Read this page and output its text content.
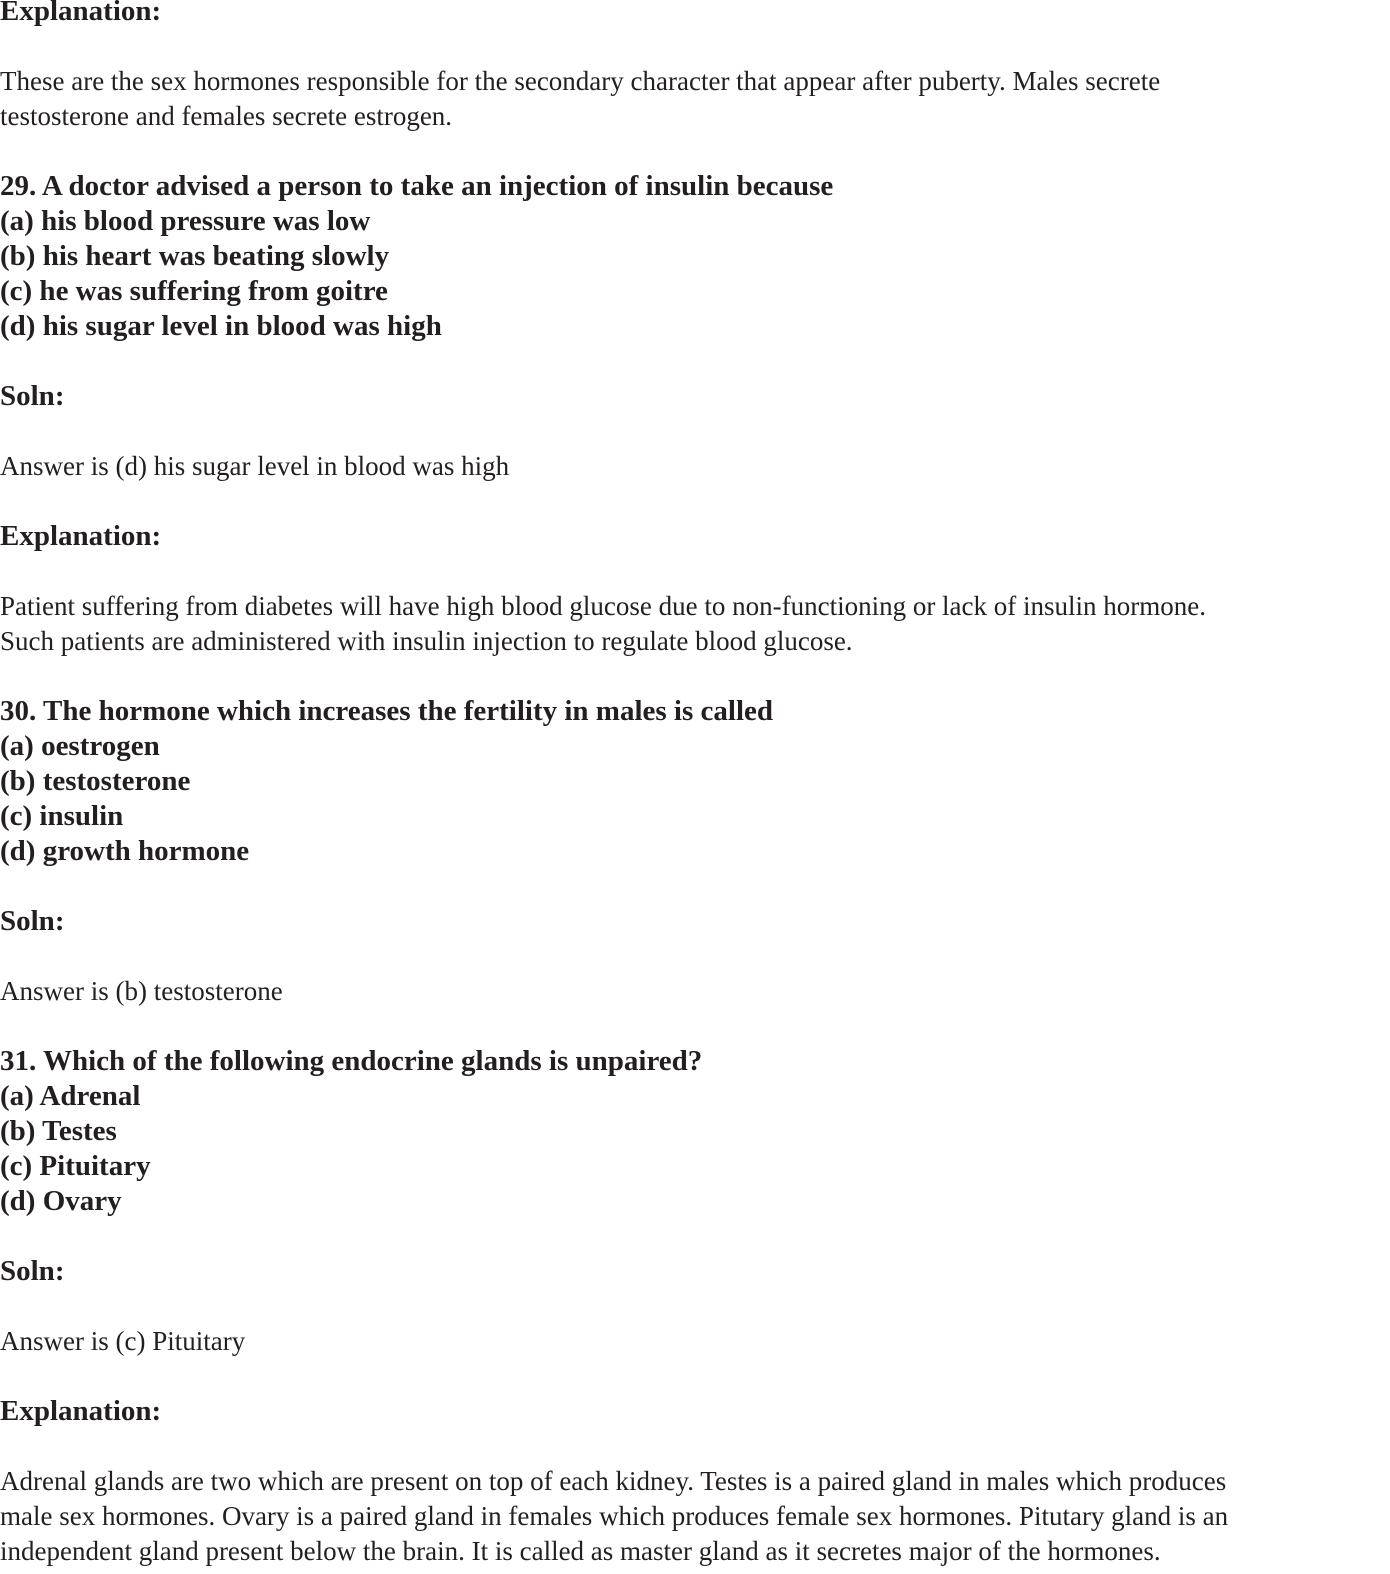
Explanation:
These are the sex hormones responsible for the secondary character that appear after puberty. Males secrete
testosterone and females secrete estrogen.
29. A doctor advised a person to take an injection of insulin because
(a) his blood pressure was low
(b) his heart was beating slowly
(c) he was suffering from goitre
(d) his sugar level in blood was high
Soln:
Answer is (d) his sugar level in blood was high
Explanation:
Patient suffering from diabetes will have high blood glucose due to non-functioning or lack of insulin hormone.
Such patients are administered with insulin injection to regulate blood glucose.
30. The hormone which increases the fertility in males is called
(a) oestrogen
(b) testosterone
(c) insulin
(d) growth hormone
Soln:
Answer is (b) testosterone
31. Which of the following endocrine glands is unpaired?
(a) Adrenal
(b) Testes
(c) Pituitary
(d) Ovary
Soln:
Answer is (c) Pituitary
Explanation:
Adrenal glands are two which are present on top of each kidney. Testes is a paired gland in males which produces
male sex hormones. Ovary is a paired gland in females which produces female sex hormones. Pitutary gland is an
independent gland present below the brain. It is called as master gland as it secretes major of the hormones.
